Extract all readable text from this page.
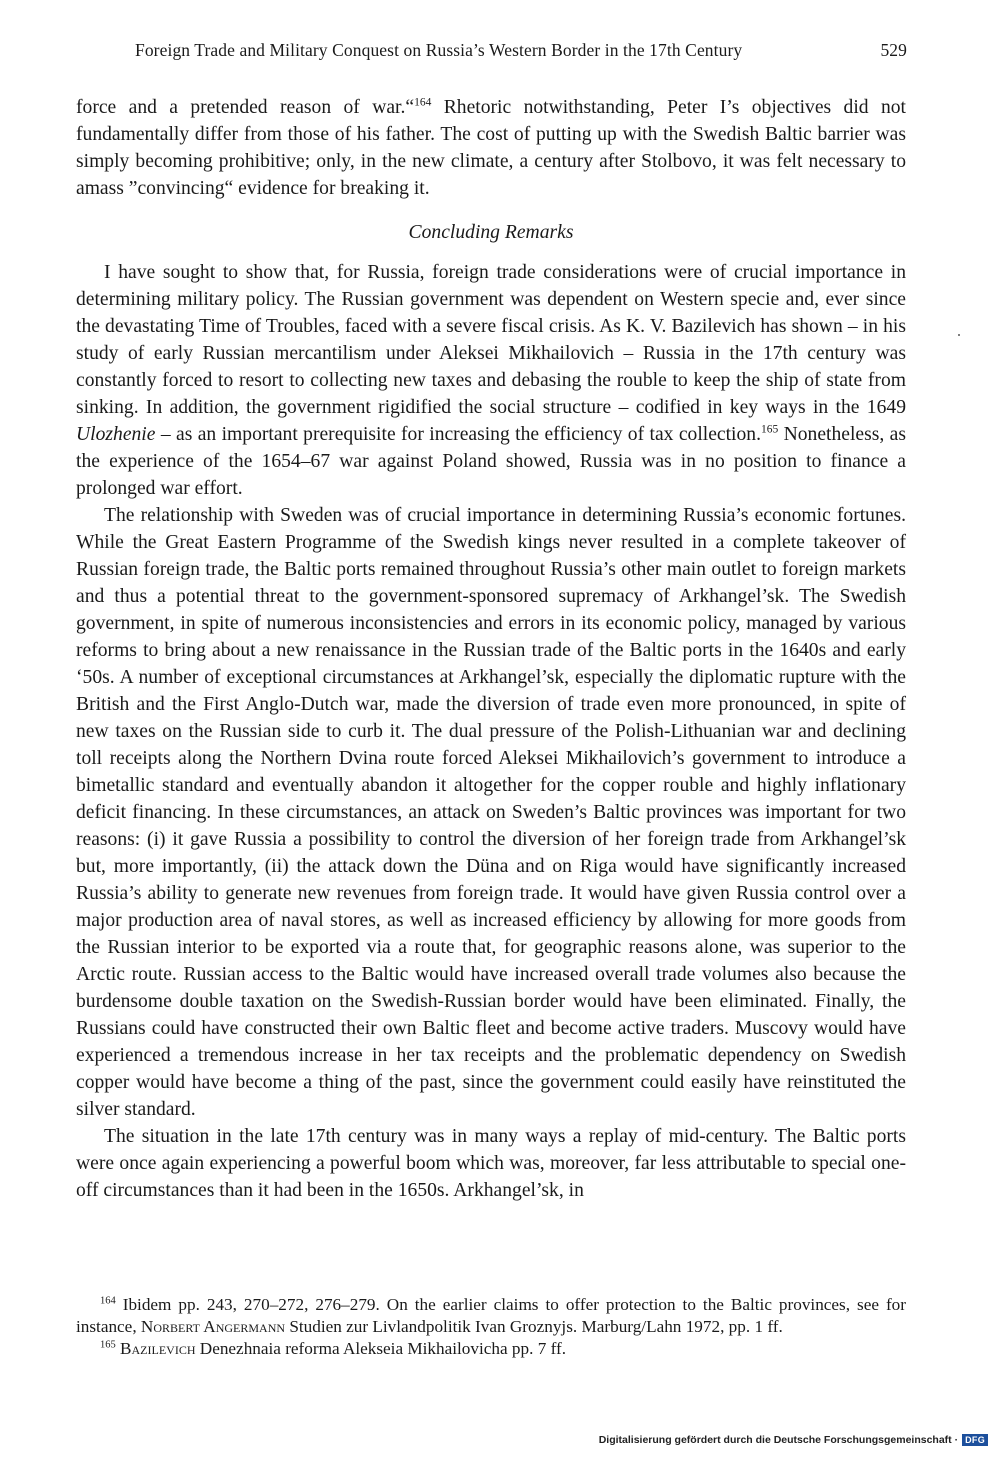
Foreign Trade and Military Conquest on Russia’s Western Border in the 17th Century	529

force and a pretended reason of war.“$^{164}$ Rhetoric notwithstanding, Peter I’s objectives did not fundamentally differ from those of his father. The cost of putting up with the Swedish Baltic barrier was simply becoming prohibitive; only, in the new climate, a century after Stolbovo, it was felt necessary to amass ”convincing“ evidence for breaking it.

Concluding Remarks

I have sought to show that, for Russia, foreign trade considerations were of crucial importance in determining military policy. The Russian government was dependent on Western specie and, ever since the devastating Time of Troubles, faced with a severe fiscal crisis. As K. V. Bazilevich has shown – in his study of early Russian mercantilism under Aleksei Mikhailovich – Russia in the 17th century was constantly forced to resort to collecting new taxes and debasing the rouble to keep the ship of state from sinking. In addition, the government rigidified the social structure – codified in key ways in the 1649 Ulozhenie – as an important prerequisite for increasing the efficiency of tax collection.$^{165}$ Nonetheless, as the experience of the 1654–67 war against Poland showed, Russia was in no position to finance a prolonged war effort.

The relationship with Sweden was of crucial importance in determining Russia’s economic fortunes. While the Great Eastern Programme of the Swedish kings never resulted in a complete takeover of Russian foreign trade, the Baltic ports remained throughout Russia’s other main outlet to foreign markets and thus a potential threat to the government-sponsored supremacy of Arkhangel’sk. The Swedish government, in spite of numerous inconsistencies and errors in its economic policy, managed by various reforms to bring about a new renaissance in the Russian trade of the Baltic ports in the 1640s and early ‘50s. A number of exceptional circumstances at Arkhangel’sk, especially the diplomatic rupture with the British and the First Anglo-Dutch war, made the diversion of trade even more pronounced, in spite of new taxes on the Russian side to curb it. The dual pressure of the Polish-Lithuanian war and declining toll receipts along the Northern Dvina route forced Aleksei Mikhailovich’s government to introduce a bimetallic standard and eventually abandon it altogether for the copper rouble and highly inflationary deficit financing. In these circumstances, an attack on Sweden’s Baltic provinces was important for two reasons: (i) it gave Russia a possibility to control the diversion of her foreign trade from Arkhangel’sk but, more importantly, (ii) the attack down the Düna and on Riga would have significantly increased Russia’s ability to generate new revenues from foreign trade. It would have given Russia control over a major production area of naval stores, as well as increased efficiency by allowing for more goods from the Russian interior to be exported via a route that, for geographic reasons alone, was superior to the Arctic route. Russian access to the Baltic would have increased overall trade volumes also because the burdensome double taxation on the Swedish-Russian border would have been eliminated. Finally, the Russians could have constructed their own Baltic fleet and become active traders. Muscovy would have experienced a tremendous increase in her tax receipts and the problematic dependency on Swedish copper would have become a thing of the past, since the government could easily have reinstituted the silver standard.

The situation in the late 17th century was in many ways a replay of mid-century. The Baltic ports were once again experiencing a powerful boom which was, moreover, far less attributable to special one-off circumstances than it had been in the 1650s. Arkhangel’sk, in

$^{164}$ Ibidem pp. 243, 270–272, 276–279. On the earlier claims to offer protection to the Baltic provinces, see for instance, Norbert Angermann Studien zur Livlandpolitik Ivan Groznyjs. Marburg/Lahn 1972, pp. 1 ff.

$^{165}$ Bazilevich Denezhnaia reforma Alekseia Mikhailovicha pp. 7 ff.

Digitalisierung gefördert durch die Deutsche Forschungsgemeinschaft · DFG
